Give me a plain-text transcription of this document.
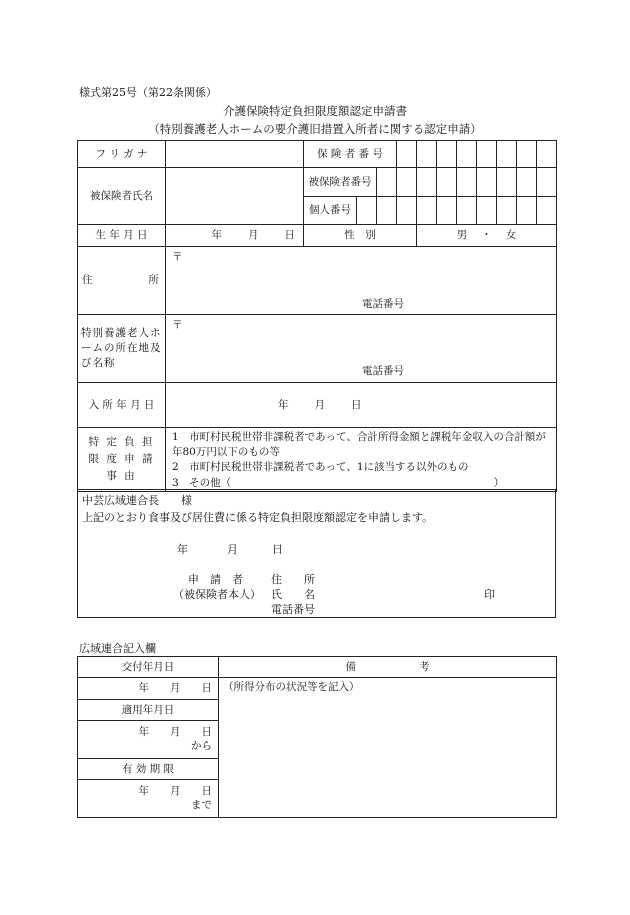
様式第25号（第22条関係）
介護保険特定負担限度額認定申請書
（特別養護老人ホームの要介護旧措置入所者に関する認定申請）
フ リ ガ ナ		保 険 者 番 号										
被保険者氏名		被保険者番号										
		個人番号										
生 年 月 日	年 月 日	性　別				男 ・ 女						

住 所	〒
電話番号											

特別養護老人ホームの所在地及び名称	〒
電話番号											

入 所 年 月 日	年 月 日											

特 定 負 担 限 度 申 請 事 由	1　市町村民税世帯非課税者であって、合計所得金額と課税年金収入の合計額が年80万円以下のもの等
2　市町村民税世帯非課税者であって、1に該当する以外のもの
3　その他（　　　　　　　　　　　　　　　　　　　　　　　　　）											
中芸広域連合長　　様
上記のとおり食事及び居住費に係る特定負担限度額認定を申請します。
年	月	日
申　請　者
（被保険者本人）
住　　所
氏　　名	印
電話番号
広域連合記入欄
交付年月日	備　　　　　　考
年　　月　　日	（所得分布の状況等を記入）
適用年月日	

年　　月　　日
から	

有 効 期 限	

年　　月　　日
まで	
